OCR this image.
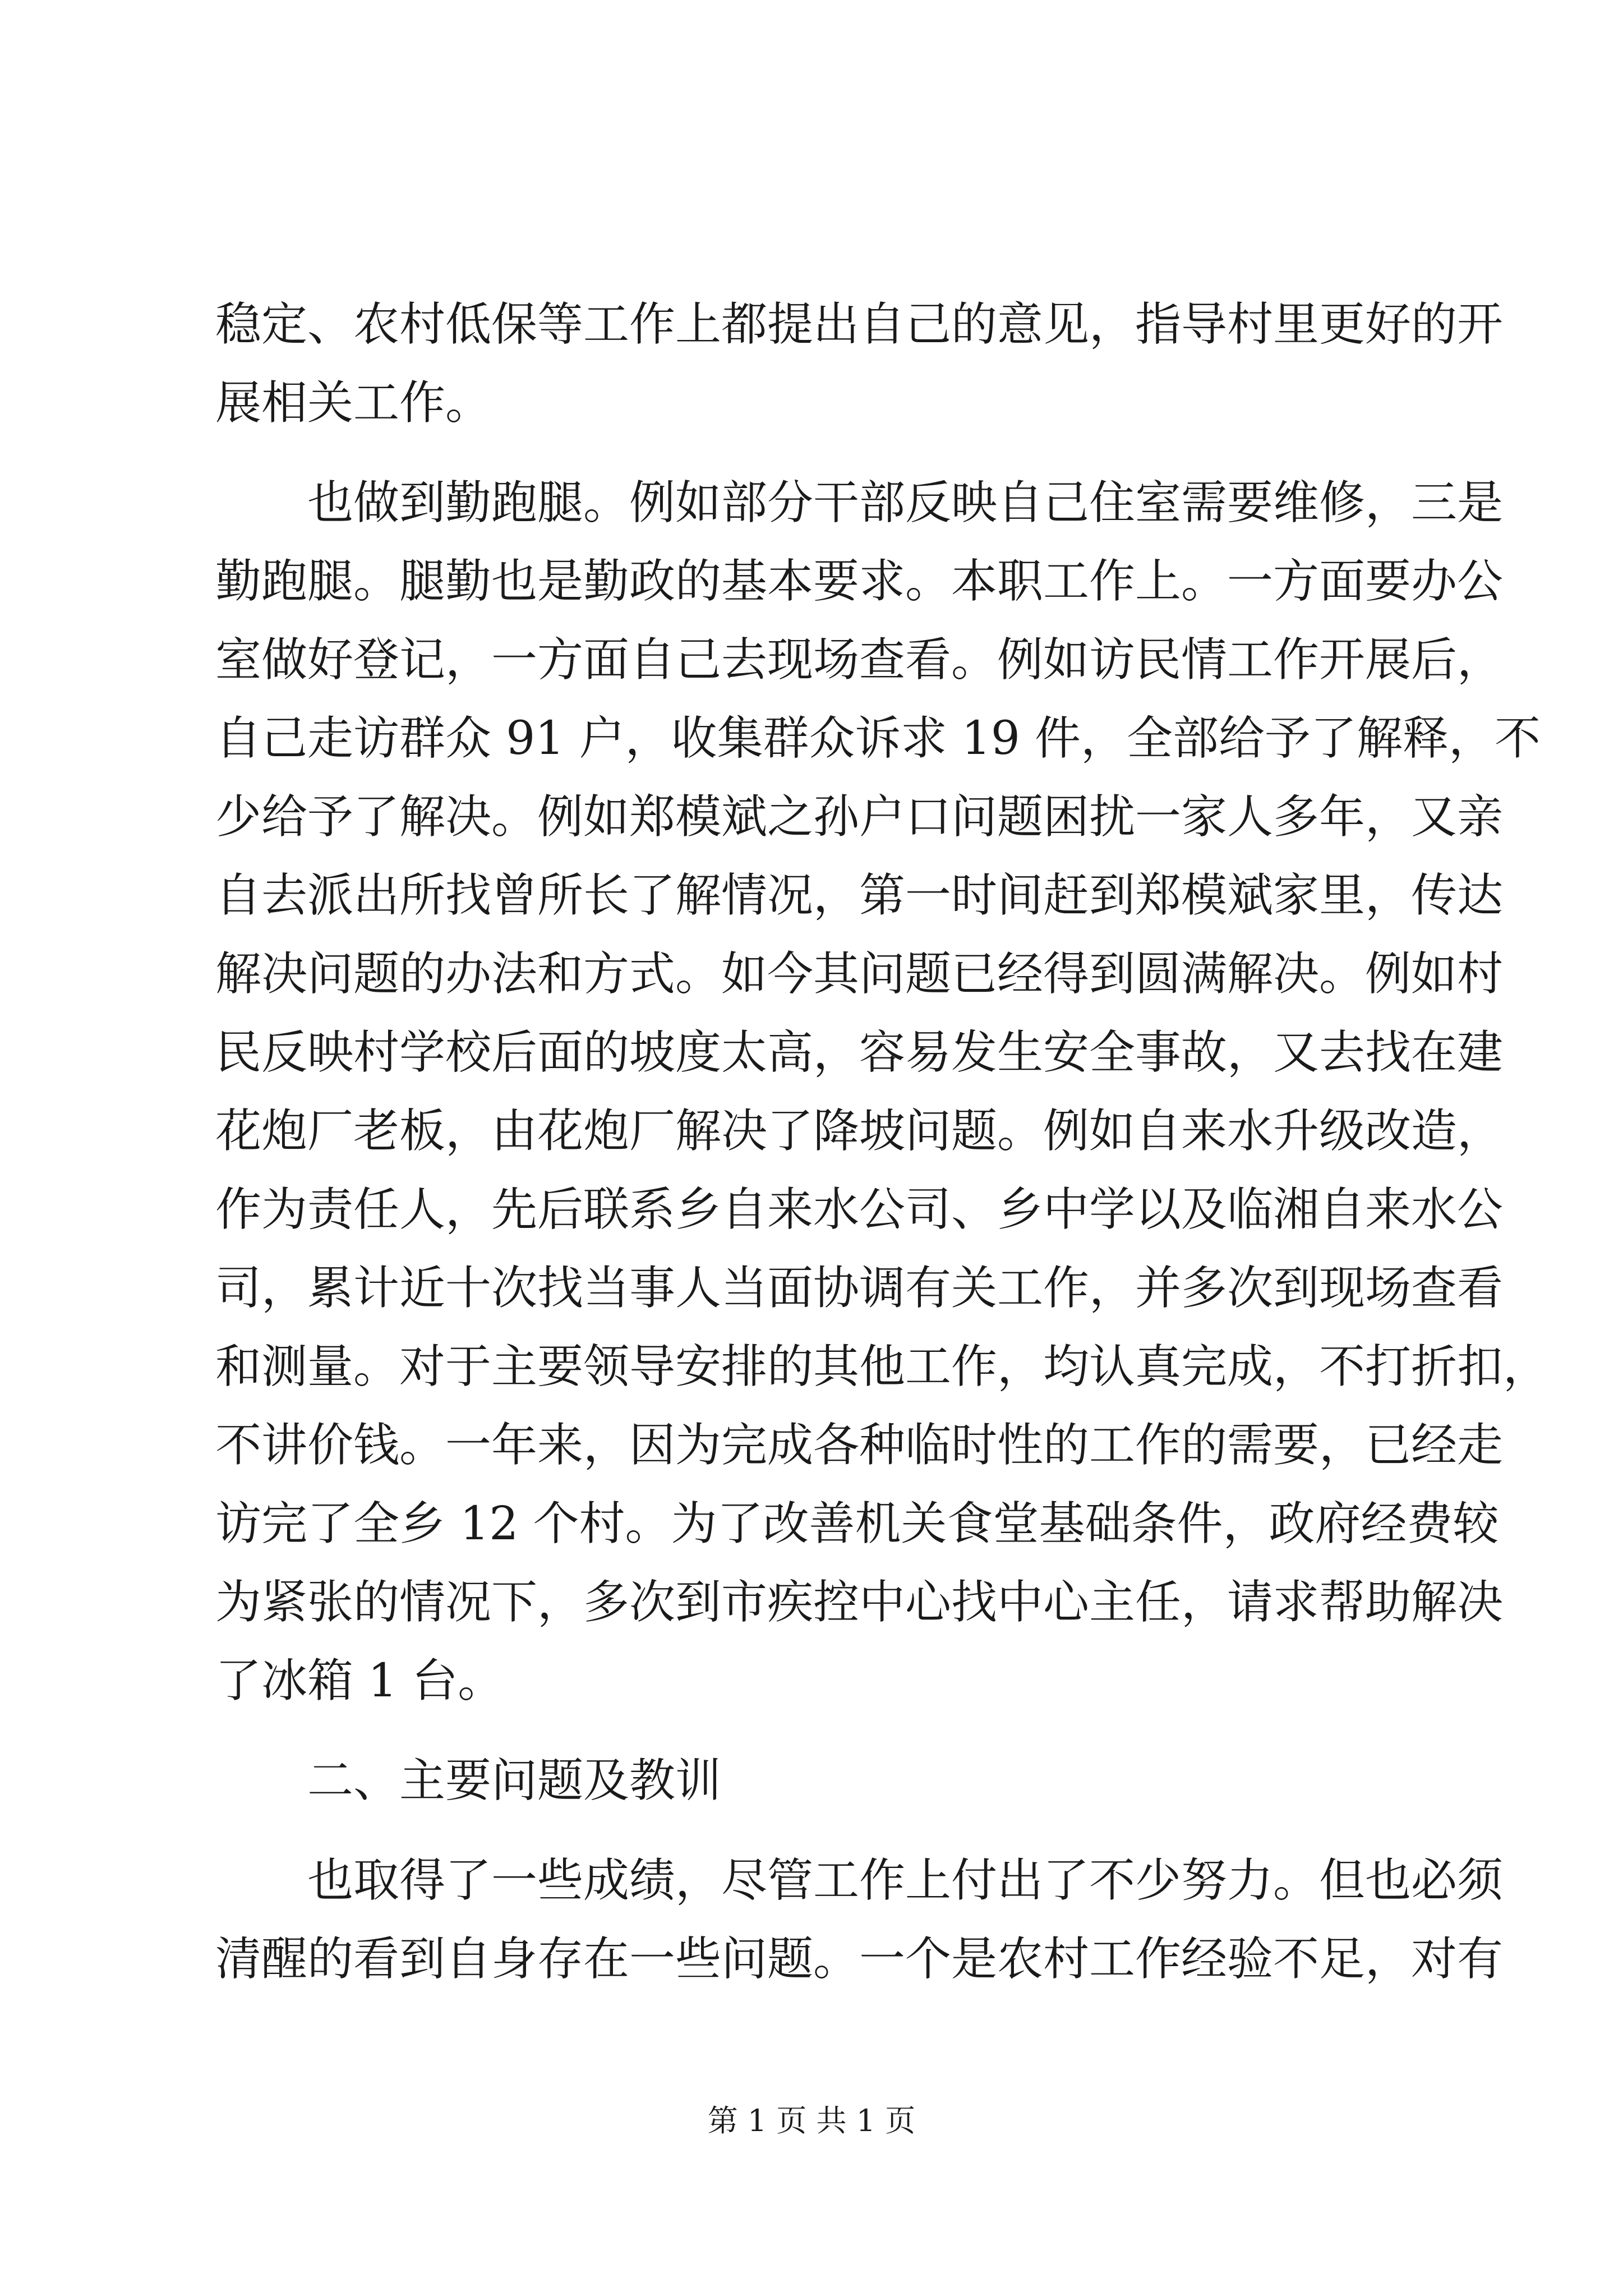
稳定、农村低保等工作上都提出自己的意见，指导村里更好的开
展相关工作。
也做到勤跑腿。例如部分干部反映自己住室需要维修，三是
勤跑腿。腿勤也是勤政的基本要求。本职工作上。一方面要办公
室做好登记，一方面自己去现场查看。例如访民情工作开展后，
自己走访群众 91 户，收集群众诉求 19 件，全部给予了解释，不
少给予了解决。例如郑模斌之孙户口问题困扰一家人多年，又亲
自去派出所找曾所长了解情况，第一时间赶到郑模斌家里，传达
解决问题的办法和方式。如今其问题已经得到圆满解决。例如村
民反映村学校后面的坡度太高，容易发生安全事故，又去找在建
花炮厂老板，由花炮厂解决了降坡问题。例如自来水升级改造，
作为责任人，先后联系乡自来水公司、乡中学以及临湘自来水公
司，累计近十次找当事人当面协调有关工作，并多次到现场查看
和测量。对于主要领导安排的其他工作，均认真完成，不打折扣，
不讲价钱。一年来，因为完成各种临时性的工作的需要，已经走
访完了全乡 12 个村。为了改善机关食堂基础条件，政府经费较
为紧张的情况下，多次到市疾控中心找中心主任，请求帮助解决
了冰箱 1 台。
二、主要问题及教训
也取得了一些成绩，尽管工作上付出了不少努力。但也必须
清醒的看到自身存在一些问题。一个是农村工作经验不足，对有
第 1 页 共 1 页
